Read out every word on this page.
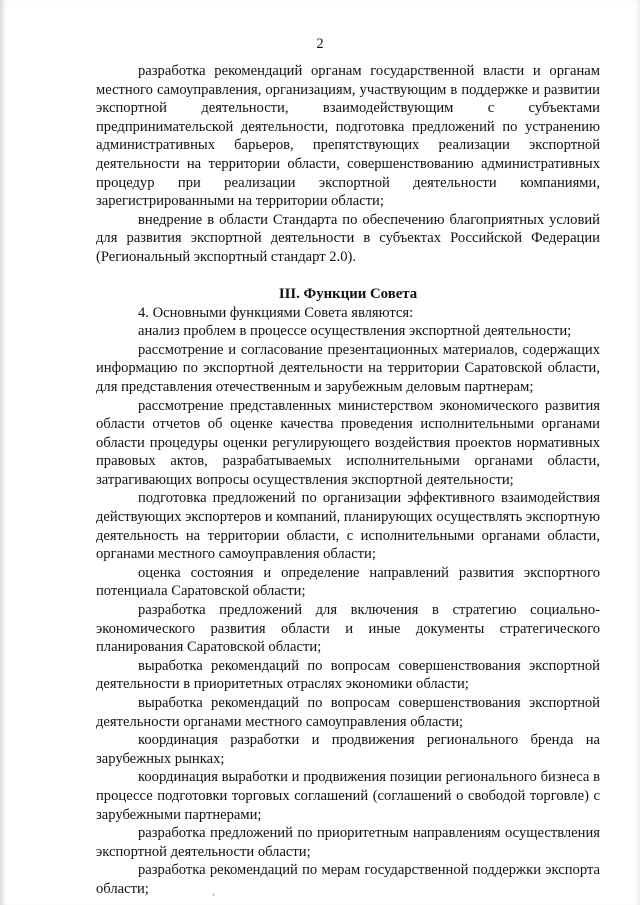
2

разработка рекомендаций органам государственной власти и органам местного самоуправления, организациям, участвующим в поддержке и развитии экспортной деятельности, взаимодействующим с субъектами предпринимательской деятельности, подготовка предложений по устранению административных барьеров, препятствующих реализации экспортной деятельности на территории области, совершенствованию административных процедур при реализации экспортной деятельности компаниями, зарегистрированными на территории области;

внедрение в области Стандарта по обеспечению благоприятных условий для развития экспортной деятельности в субъектах Российской Федерации (Региональный экспортный стандарт 2.0).

III. Функции Совета

4. Основными функциями Совета являются:

анализ проблем в процессе осуществления экспортной деятельности;

рассмотрение и согласование презентационных материалов, содержащих информацию по экспортной деятельности на территории Саратовской области, для представления отечественным и зарубежным деловым партнерам;

рассмотрение представленных министерством экономического развития области отчетов об оценке качества проведения исполнительными органами области процедуры оценки регулирующего воздействия проектов нормативных правовых актов, разрабатываемых исполнительными органами области, затрагивающих вопросы осуществления экспортной деятельности;

подготовка предложений по организации эффективного взаимодействия действующих экспортеров и компаний, планирующих осуществлять экспортную деятельность на территории области, с исполнительными органами области, органами местного самоуправления области;

оценка состояния и определение направлений развития экспортного потенциала Саратовской области;

разработка предложений для включения в стратегию социально-экономического развития области и иные документы стратегического планирования Саратовской области;

выработка рекомендаций по вопросам совершенствования экспортной деятельности в приоритетных отраслях экономики области;

выработка рекомендаций по вопросам совершенствования экспортной деятельности органами местного самоуправления области;

координация разработки и продвижения регионального бренда на зарубежных рынках;

координация выработки и продвижения позиции регионального бизнеса в процессе подготовки торговых соглашений (соглашений о свободой торговле) с зарубежными партнерами;

разработка предложений по приоритетным направлениям осуществления экспортной деятельности области;

разработка рекомендаций по мерам государственной поддержки экспорта области;
